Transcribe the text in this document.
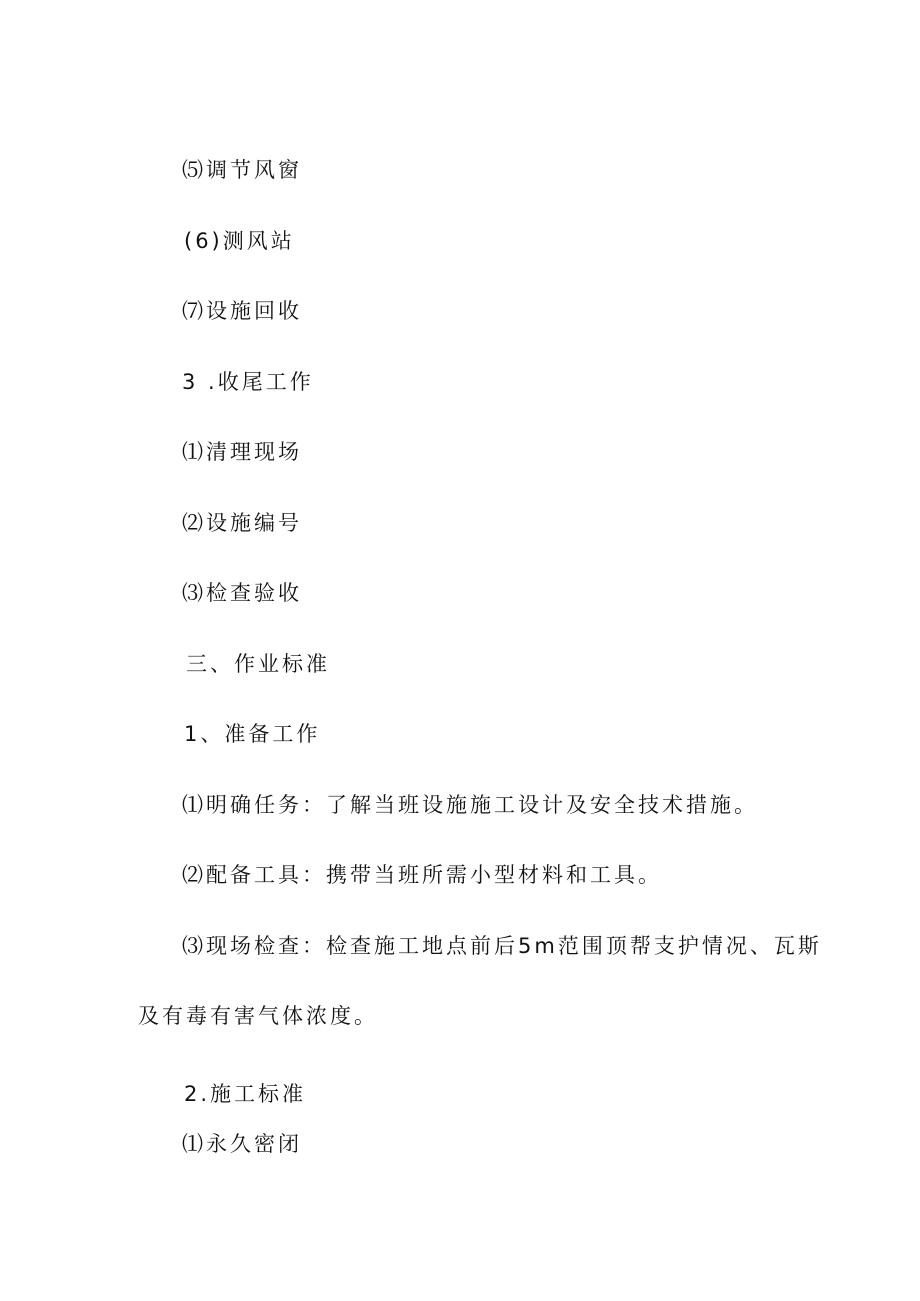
⑸调节风窗
(6)测风站
⑺设施回收
3 .收尾工作
⑴清理现场
⑵设施编号
⑶检查验收
三、作业标准
1、准备工作
⑴明确任务：了解当班设施施工设计及安全技术措施。
⑵配备工具：携带当班所需小型材料和工具。
⑶现场检查：检查施工地点前后5m范围顶帮支护情况、瓦斯
及有毒有害气体浓度。
2.施工标准
⑴永久密闭
